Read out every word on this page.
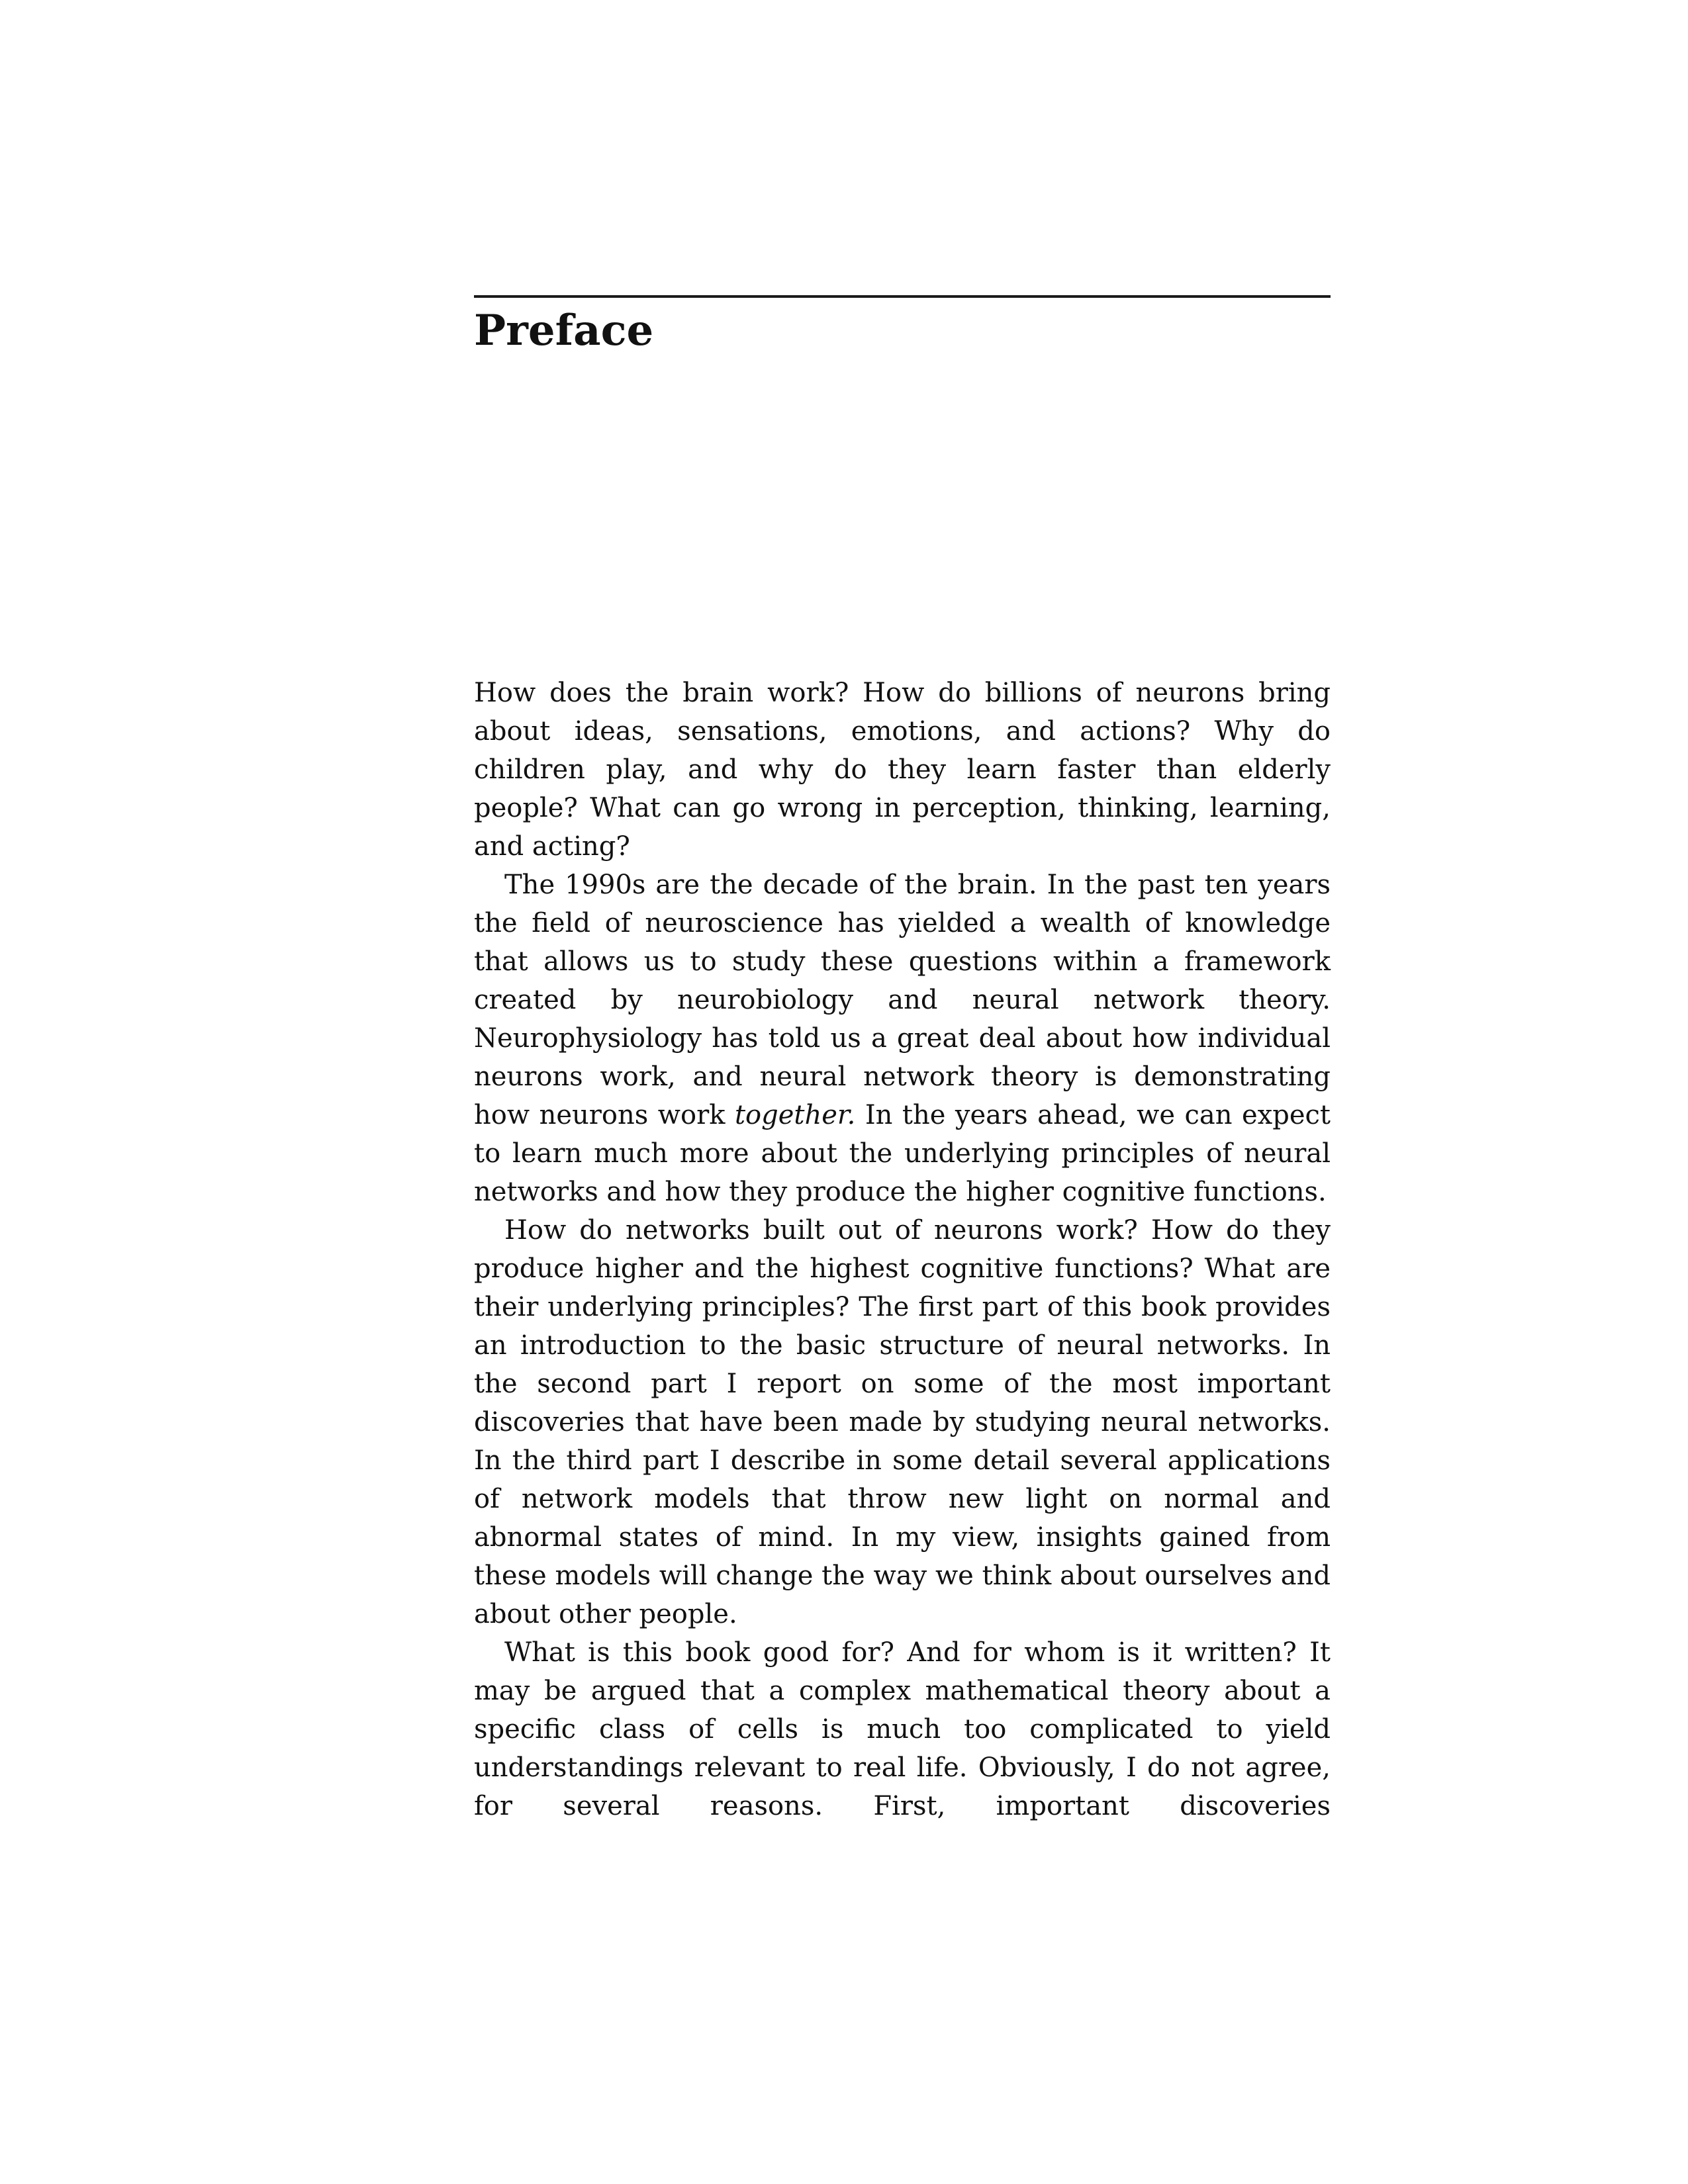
Preface

How does the brain work? How do billions of neurons bring about ideas, sensations, emotions, and actions? Why do children play, and why do they learn faster than elderly people? What can go wrong in perception, thinking, learning, and acting?

The 1990s are the decade of the brain. In the past ten years the field of neuroscience has yielded a wealth of knowledge that allows us to study these questions within a framework created by neurobiology and neural network theory. Neurophysiology has told us a great deal about how individual neurons work, and neural network theory is demonstrating how neurons work together. In the years ahead, we can expect to learn much more about the underlying principles of neural networks and how they produce the higher cognitive functions.

How do networks built out of neurons work? How do they produce higher and the highest cognitive functions? What are their underlying principles? The first part of this book provides an introduction to the basic structure of neural networks. In the second part I report on some of the most important discoveries that have been made by studying neural networks. In the third part I describe in some detail several applications of network models that throw new light on normal and abnormal states of mind. In my view, insights gained from these models will change the way we think about ourselves and about other people.

What is this book good for? And for whom is it written? It may be argued that a complex mathematical theory about a specific class of cells is much too complicated to yield understandings relevant to real life. Obviously, I do not agree, for several reasons. First, important discoveries
